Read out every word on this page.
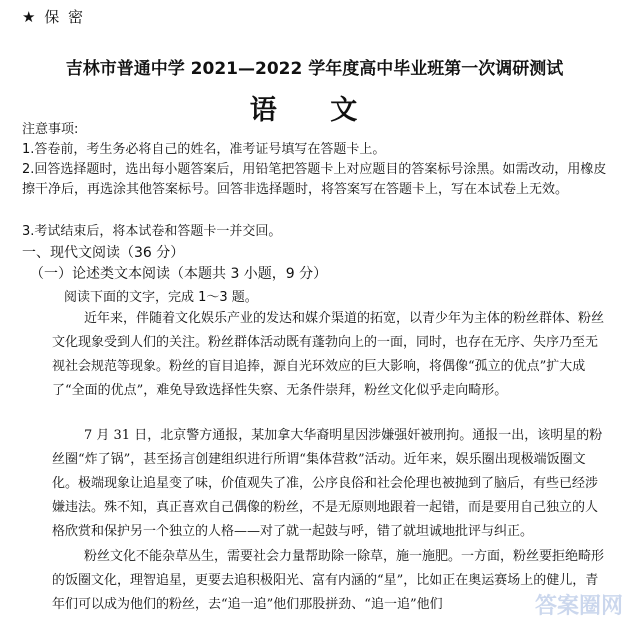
★ 保 密
吉林市普通中学 2021—2022 学年度高中毕业班第一次调研测试
语 文
注意事项:
1.答卷前，考生务必将自己的姓名，准考证号填写在答题卡上。
2.回答选择题时，选出每小题答案后，用铅笔把答题卡上对应题目的答案标号涂黑。如需改动，用橡皮擦干净后，再选涂其他答案标号。回答非选择题时，将答案写在答题卡上，写在本试卷上无效。
3.考试结束后，将本试卷和答题卡一并交回。
一、现代文阅读（36 分）
（一）论述类文本阅读（本题共 3 小题，9 分）
阅读下面的文字，完成 1～3 题。
近年来，伴随着文化娱乐产业的发达和媒介渠道的拓宽，以青少年为主体的粉丝群体、粉丝文化现象受到人们的关注。粉丝群体活动既有蓬勃向上的一面，同时，也存在无序、失序乃至无视社会规范等现象。粉丝的盲目追捧，源自光环效应的巨大影响，将偶像“孤立的优点”扩大成了“全面的优点”，难免导致选择性失察、无条件崇拜，粉丝文化似乎走向畸形。
7 月 31 日，北京警方通报，某加拿大华裔明星因涉嫌强奸被刑拘。通报一出，该明星的粉丝圈“炸了锅”，甚至扬言创建组织进行所谓“集体营救”活动。近年来，娱乐圈出现极端饭圈文化。极端现象让追星变了味，价值观失了准，公序良俗和社会伦理也被抛到了脑后，有些已经涉嫌违法。殊不知，真正喜欢自己偶像的粉丝，不是无原则地跟着一起错，而是要用自己独立的人格欣赏和保护另一个独立的人格——对了就一起鼓与呼，错了就坦诚地批评与纠正。
粉丝文化不能杂草丛生，需要社会力量帮助除一除草，施一施肥。一方面，粉丝要拒绝畸形的饭圈文化，理智追星，更要去追积极阳光、富有内涵的“星”，比如正在奥运赛场上的健儿，青年们可以成为他们的粉丝，去“追一追”他们那股拼劲、“追一追”他们	答案圈网
